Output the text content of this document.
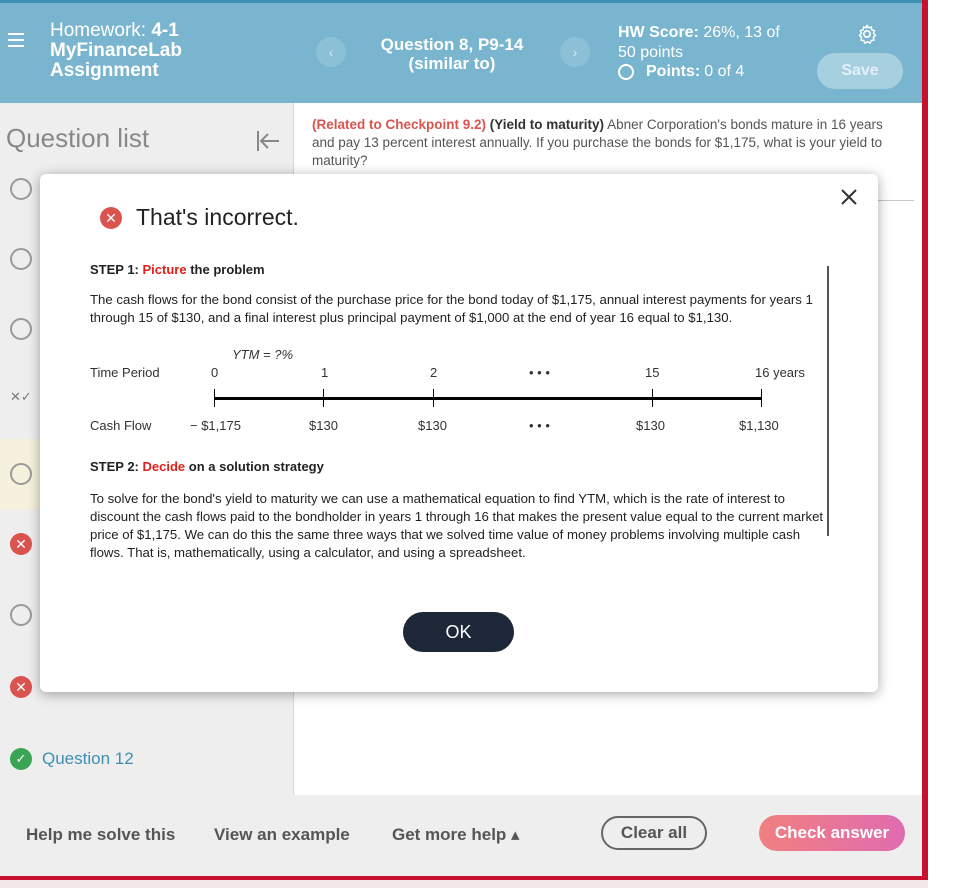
Homework: 4-1
MyFinanceLab
Assignment
‹	Question 8, P9-14
(similar to)
›
HW Score: 26%, 13 of
50 points
Points: 0 of 4	Save
Question list
✕✓
✕
✕
✓ Question 12
(Related to Checkpoint 9.2) (Yield to maturity) Abner Corporation's bonds mature in 16 years and pay 13 percent interest annually. If you purchase the bonds for $1,175, what is your yield to maturity?
Help me solve this View an example Get more help ▴	Clear all	Check answer
✕ That's incorrect.
STEP 1: Picture the problem
The cash flows for the bond consist of the purchase price for the bond today of $1,175, annual interest payments for years 1 through 15 of $130, and a final interest plus principal payment of $1,000 at the end of year 16 equal to $1,130.
YTM = ?%
Time Period	0	1	2	• • •	15	16 years
Cash Flow	− $1,175	$130	$130	• • •	$130	$1,130
STEP 2: Decide on a solution strategy
To solve for the bond's yield to maturity we can use a mathematical equation to find YTM, which is the rate of interest to discount the cash flows paid to the bondholder in years 1 through 16 that makes the present value equal to the current market price of $1,175. We can do this the same three ways that we solved time value of money problems involving multiple cash flows. That is, mathematically, using a calculator, and using a spreadsheet.
OK
